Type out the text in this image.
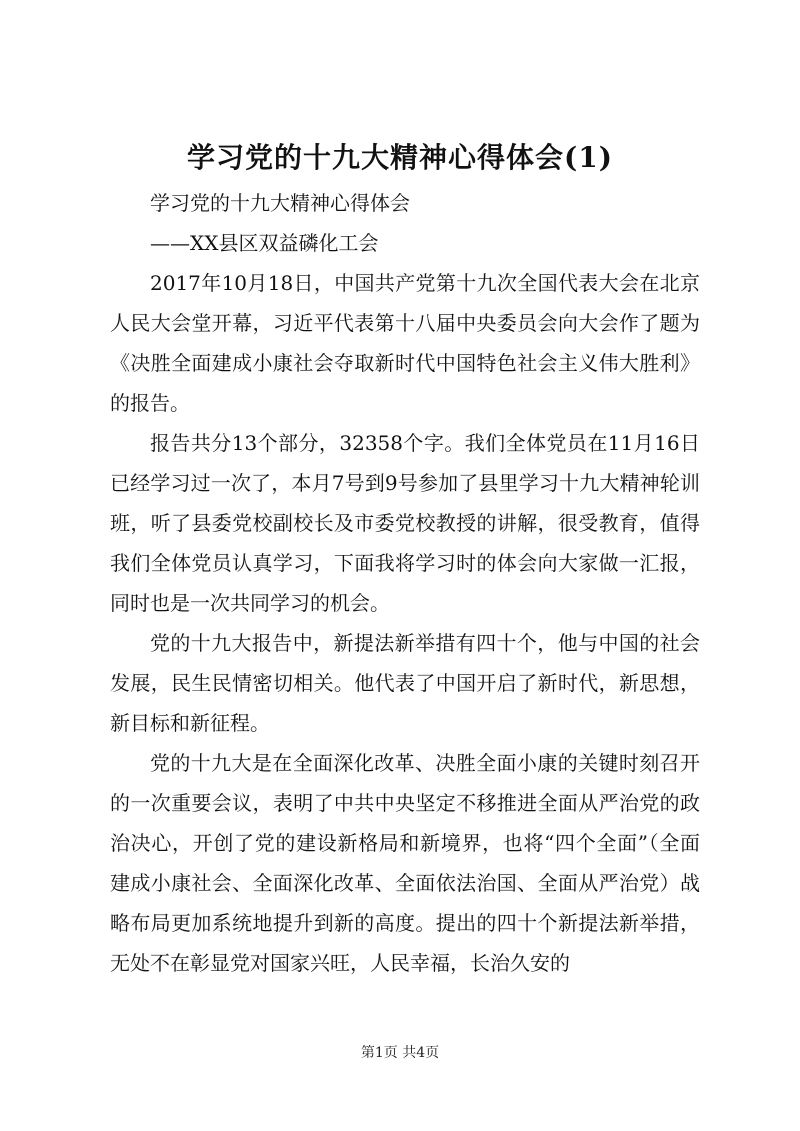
学习党的十九大精神心得体会(1)

学习党的十九大精神心得体会

——XX县区双益磷化工会

2017年10月18日，中国共产党第十九次全国代表大会在北京人民大会堂开幕，习近平代表第十八届中央委员会向大会作了题为《决胜全面建成小康社会夺取新时代中国特色社会主义伟大胜利》的报告。

报告共分13个部分，32358个字。我们全体党员在11月16日已经学习过一次了，本月7号到9号参加了县里学习十九大精神轮训班，听了县委党校副校长及市委党校教授的讲解，很受教育，值得我们全体党员认真学习，下面我将学习时的体会向大家做一汇报，同时也是一次共同学习的机会。

党的十九大报告中，新提法新举措有四十个，他与中国的社会发展，民生民情密切相关。他代表了中国开启了新时代，新思想，新目标和新征程。

党的十九大是在全面深化改革、决胜全面小康的关键时刻召开的一次重要会议，表明了中共中央坚定不移推进全面从严治党的政治决心，开创了党的建设新格局和新境界，也将“四个全面”（全面建成小康社会、全面深化改革、全面依法治国、全面从严治党）战略布局更加系统地提升到新的高度。提出的四十个新提法新举措，无处不在彰显党对国家兴旺，人民幸福，长治久安的

第1页 共4页
